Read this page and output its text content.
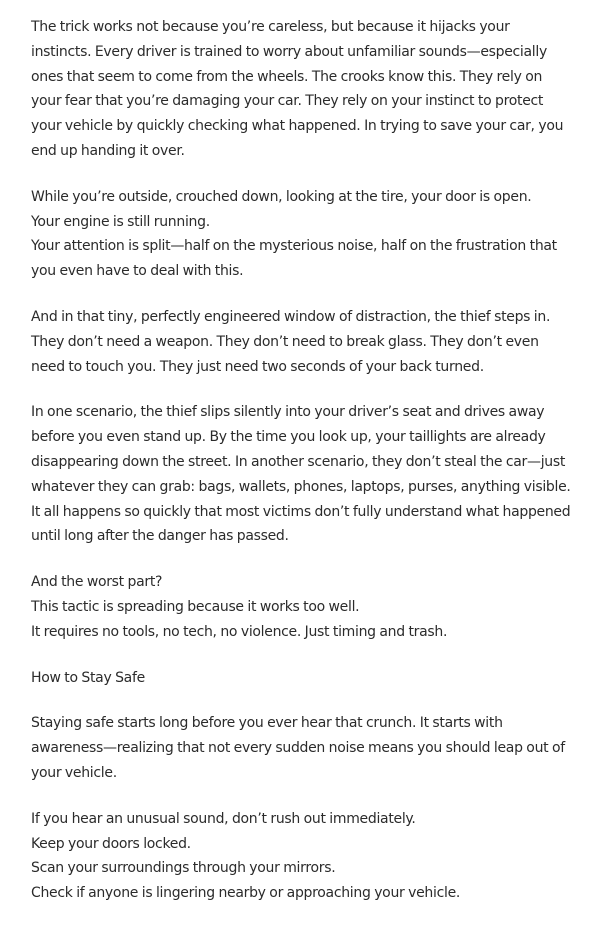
The trick works not because you’re careless, but because it hijacks your
instincts. Every driver is trained to worry about unfamiliar sounds—especially
ones that seem to come from the wheels. The crooks know this. They rely on
your fear that you’re damaging your car. They rely on your instinct to protect
your vehicle by quickly checking what happened. In trying to save your car, you
end up handing it over.

While you’re outside, crouched down, looking at the tire, your door is open.
Your engine is still running.
Your attention is split—half on the mysterious noise, half on the frustration that
you even have to deal with this.

And in that tiny, perfectly engineered window of distraction, the thief steps in.
They don’t need a weapon. They don’t need to break glass. They don’t even
need to touch you. They just need two seconds of your back turned.

In one scenario, the thief slips silently into your driver’s seat and drives away
before you even stand up. By the time you look up, your taillights are already
disappearing down the street. In another scenario, they don’t steal the car—just
whatever they can grab: bags, wallets, phones, laptops, purses, anything visible.
It all happens so quickly that most victims don’t fully understand what happened
until long after the danger has passed.

And the worst part?
This tactic is spreading because it works too well.
It requires no tools, no tech, no violence. Just timing and trash.

How to Stay Safe

Staying safe starts long before you ever hear that crunch. It starts with
awareness—realizing that not every sudden noise means you should leap out of
your vehicle.

If you hear an unusual sound, don’t rush out immediately.
Keep your doors locked.
Scan your surroundings through your mirrors.
Check if anyone is lingering nearby or approaching your vehicle.
